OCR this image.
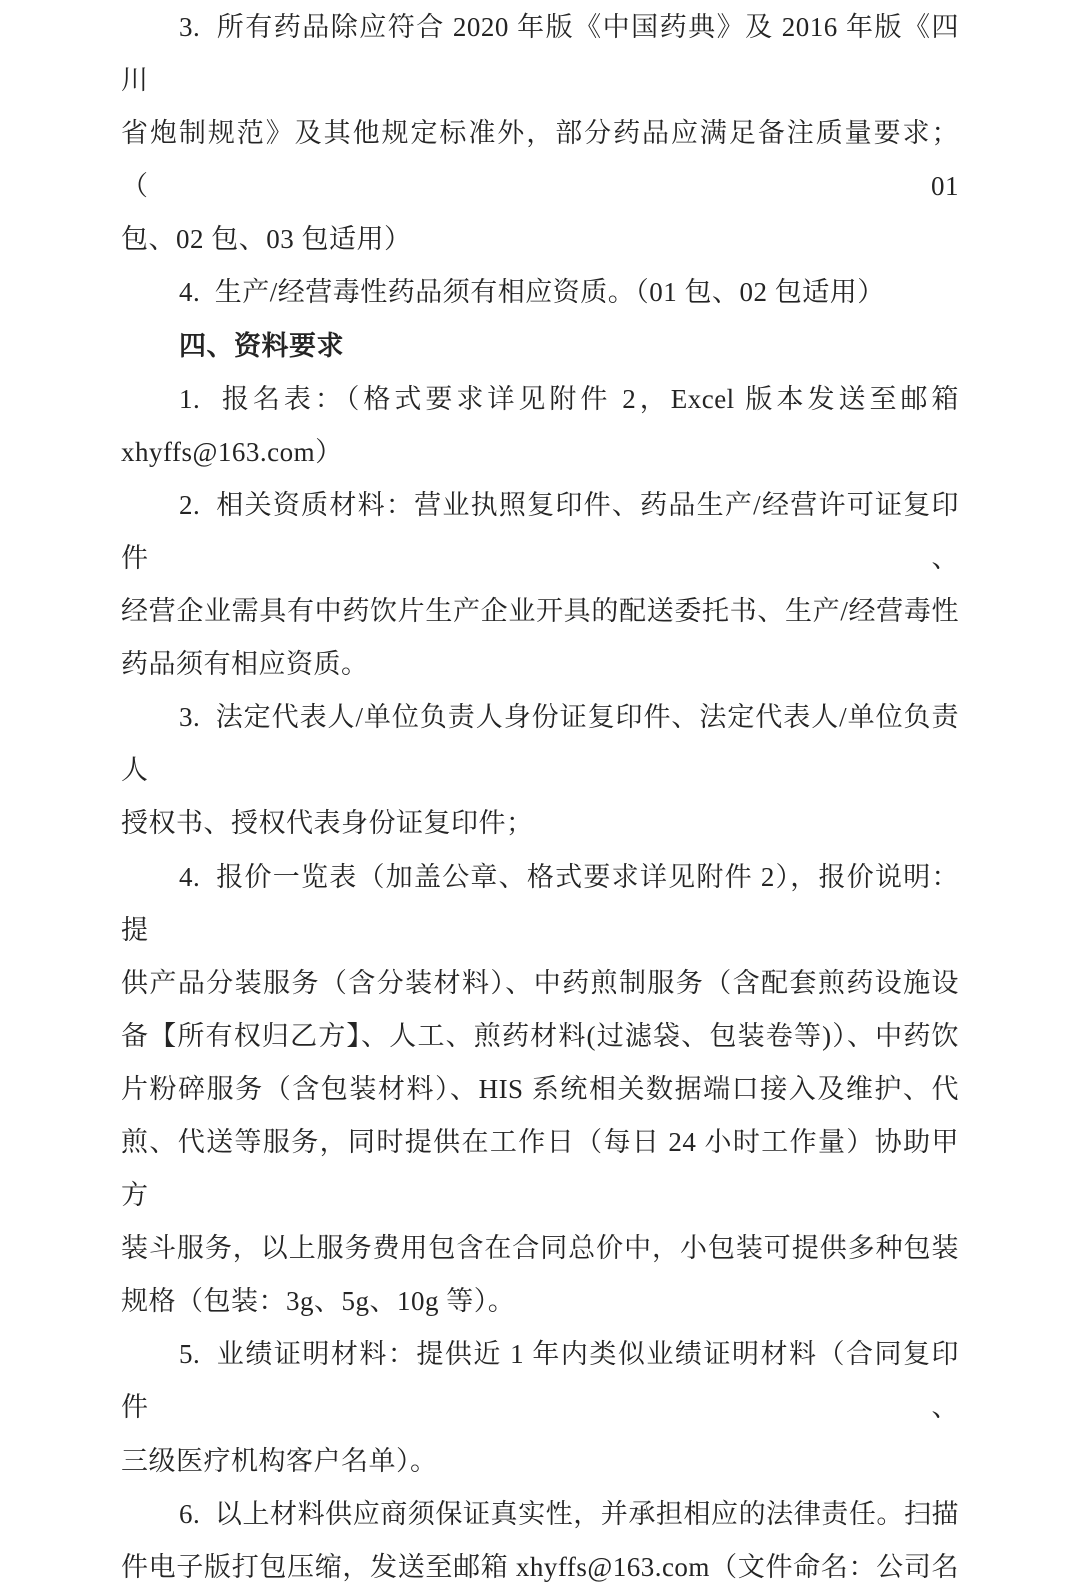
3.  所有药品除应符合 2020 年版《中国药典》及 2016 年版《四川
省炮制规范》及其他规定标准外，部分药品应满足备注质量要求；（01
包、02 包、03 包适用）
4.  生产/经营毒性药品须有相应资质。（01 包、02 包适用）
四、资料要求
1.  报名表：（格式要求详见附件 2，Excel 版本发送至邮箱
xhyffs@163.com）
2.  相关资质材料：营业执照复印件、药品生产/经营许可证复印件、
经营企业需具有中药饮片生产企业开具的配送委托书、生产/经营毒性
药品须有相应资质。
3.  法定代表人/单位负责人身份证复印件、法定代表人/单位负责人
授权书、授权代表身份证复印件；
4.  报价一览表（加盖公章、格式要求详见附件 2），报价说明：提
供产品分装服务（含分装材料）、中药煎制服务（含配套煎药设施设
备【所有权归乙方】、人工、煎药材料(过滤袋、包装卷等)）、中药饮
片粉碎服务（含包装材料）、HIS 系统相关数据端口接入及维护、代
煎、代送等服务，同时提供在工作日（每日 24 小时工作量）协助甲方
装斗服务，以上服务费用包含在合同总价中，小包装可提供多种包装
规格（包装：3g、5g、10g 等）。
5.  业绩证明材料：提供近 1 年内类似业绩证明材料（合同复印件、
三级医疗机构客户名单）。
6.  以上材料供应商须保证真实性，并承担相应的法律责任。扫描
件电子版打包压缩，发送至邮箱 xhyffs@163.com（文件命名：公司名
